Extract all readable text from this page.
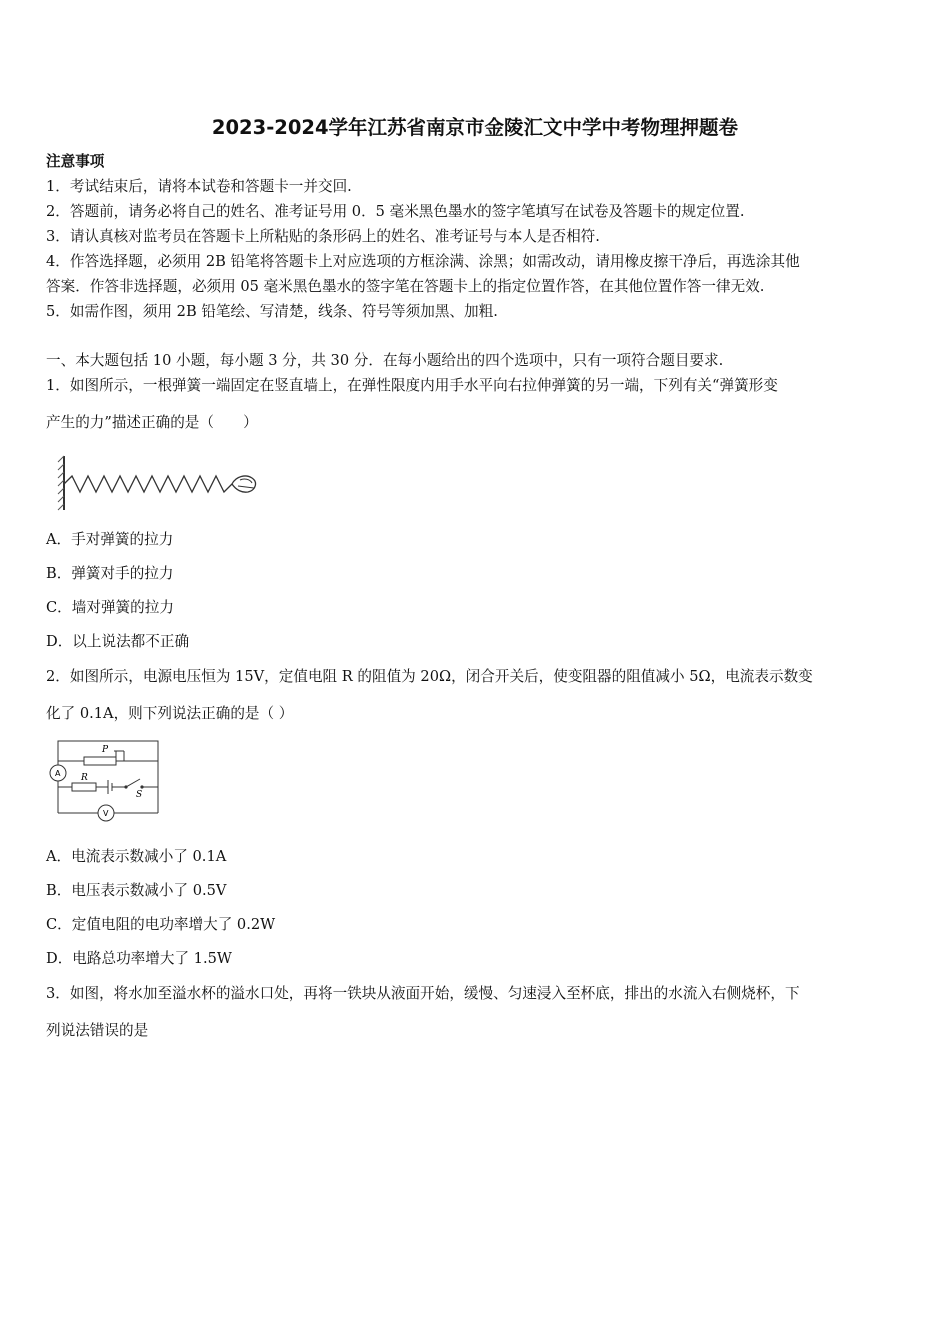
2023-2024学年江苏省南京市金陵汇文中学中考物理押题卷
注意事项
1．考试结束后，请将本试卷和答题卡一并交回.
2．答题前，请务必将自己的姓名、准考证号用 0．5 毫米黑色墨水的签字笔填写在试卷及答题卡的规定位置.
3．请认真核对监考员在答题卡上所粘贴的条形码上的姓名、准考证号与本人是否相符.
4．作答选择题，必须用 2B 铅笔将答题卡上对应选项的方框涂满、涂黑；如需改动，请用橡皮擦干净后，再选涂其他
答案．作答非选择题，必须用 05 毫米黑色墨水的签字笔在答题卡上的指定位置作答，在其他位置作答一律无效.
5．如需作图，须用 2B 铅笔绘、写清楚，线条、符号等须加黑、加粗.
一、本大题包括 10 小题，每小题 3 分，共 30 分．在每小题给出的四个选项中，只有一项符合题目要求.
1．如图所示，一根弹簧一端固定在竖直墙上，在弹性限度内用手水平向右拉伸弹簧的另一端，下列有关“弹簧形变
产生的力”描述正确的是（　　）
A．手对弹簧的拉力
B．弹簧对手的拉力
C．墙对弹簧的拉力
D．以上说法都不正确
2．如图所示，电源电压恒为 15V，定值电阻 R 的阻值为 20Ω，闭合开关后，使变阻器的阻值减小 5Ω，电流表示数变
化了 0.1A，则下列说法正确的是（ ）
P
A R
S
V
A．电流表示数减小了 0.1A
B．电压表示数减小了 0.5V
C．定值电阻的电功率增大了 0.2W
D．电路总功率增大了 1.5W
3．如图，将水加至溢水杯的溢水口处，再将一铁块从液面开始，缓慢、匀速浸入至杯底，排出的水流入右侧烧杯，下
列说法错误的是
